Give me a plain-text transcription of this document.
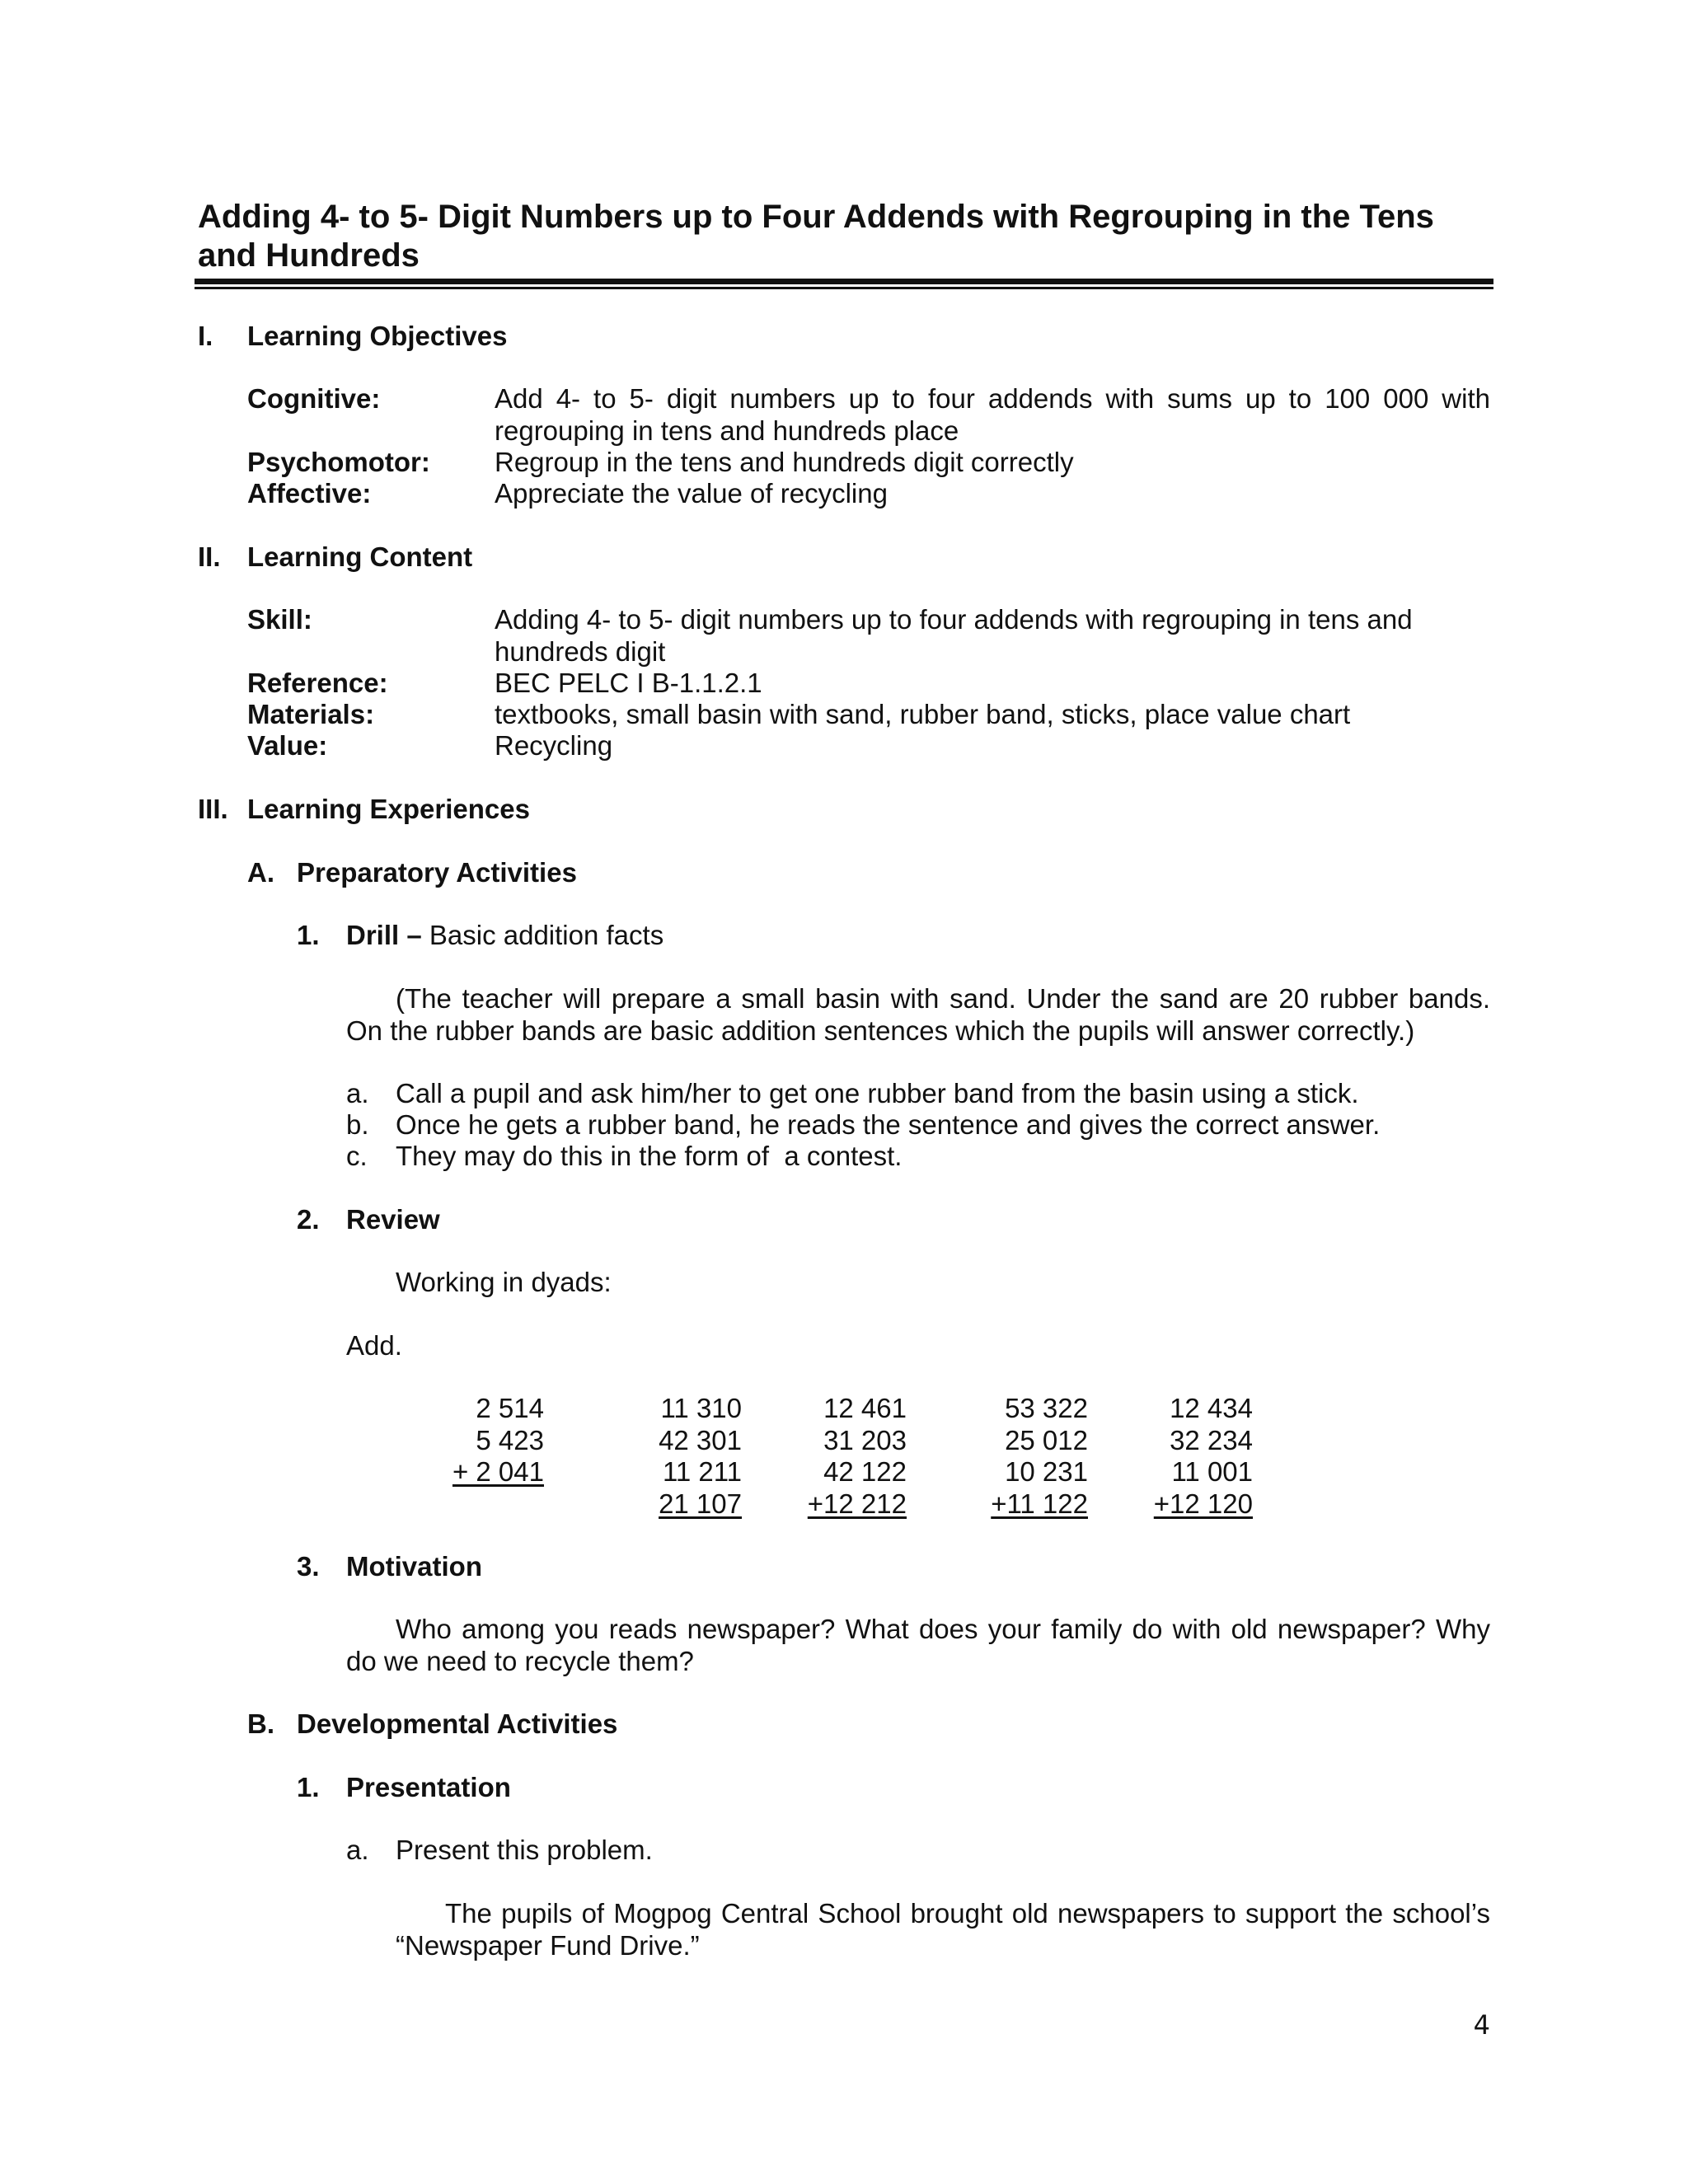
Adding 4- to 5- Digit Numbers up to Four Addends with Regrouping in the Tens and Hundreds
I.	Learning Objectives
Cognitive:	Add 4- to 5- digit numbers up to four addends with sums up to 100 000 with regrouping in tens and hundreds place
Psychomotor:	Regroup in the tens and hundreds digit correctly
Affective:	Appreciate the value of recycling
II. Learning Content
Skill:	Adding 4- to 5- digit numbers up to four addends with regrouping in tens and hundreds digit
Reference:	BEC PELC I B-1.1.2.1
Materials:	textbooks, small basin with sand, rubber band, sticks, place value chart
Value:	Recycling
III. Learning Experiences
A. Preparatory Activities
1. Drill – Basic addition facts
(The teacher will prepare a small basin with sand. Under the sand are 20 rubber bands. On the rubber bands are basic addition sentences which the pupils will answer correctly.)
a. Call a pupil and ask him/her to get one rubber band from the basin using a stick.
b. Once he gets a rubber band, he reads the sentence and gives the correct answer.
c. They may do this in the form of  a contest.
2. Review
Working in dyads:
Add.
2 514
5 423
+ 2 041
11 310
42 301
11 211
21 107
12 461
31 203
42 122
+12 212
53 322
25 012
10 231
+11 122
12 434
32 234
11 001
+12 120
3. Motivation
Who among you reads newspaper? What does your family do with old newspaper? Why do we need to recycle them?
B. Developmental Activities
1. Presentation
a. Present this problem.
The pupils of Mogpog Central School brought old newspapers to support the school’s “Newspaper Fund Drive.”
4
